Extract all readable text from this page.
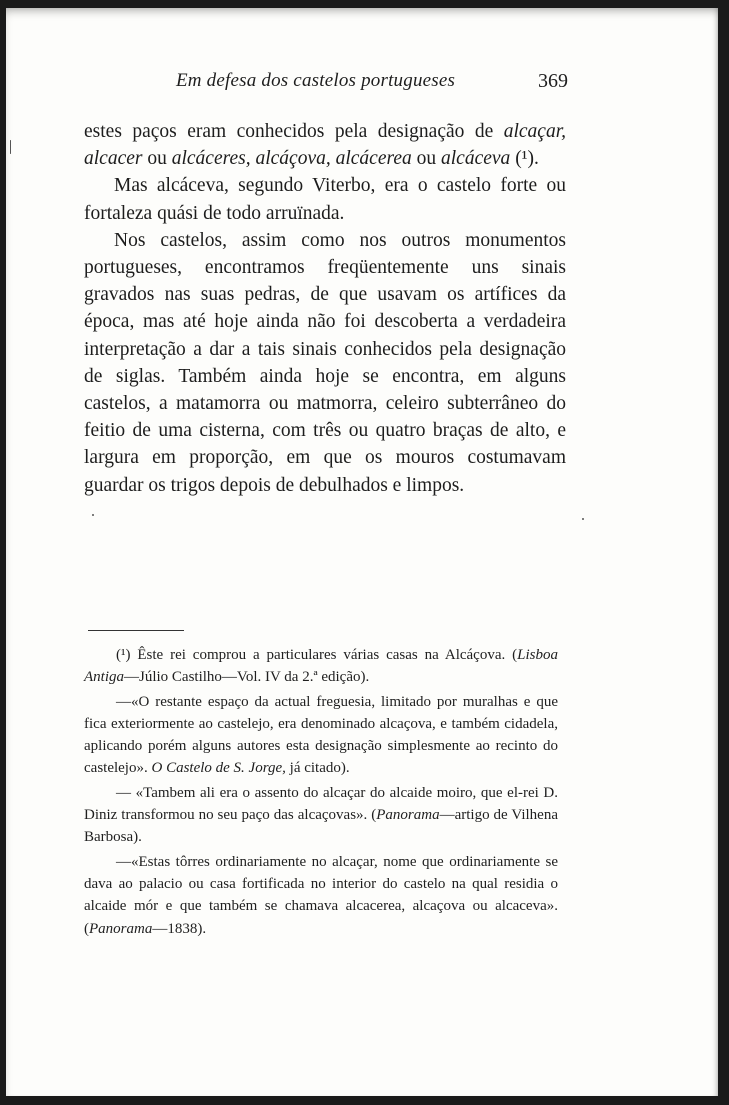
Em defesa dos castelos portugueses	369

estes paços eram conhecidos pela designação de alcaçar, alcacer ou alcáceres, alcáçova, alcácerea ou alcáceva (¹).

Mas alcáceva, segundo Viterbo, era o castelo forte ou fortaleza quási de todo arruïnada.

Nos castelos, assim como nos outros monumentos portugueses, encontramos freqüentemente uns sinais gravados nas suas pedras, de que usavam os artífices da época, mas até hoje ainda não foi descoberta a verdadeira interpretação a dar a tais sinais conhecidos pela designação de siglas. Também ainda hoje se encontra, em alguns castelos, a matamorra ou matmorra, celeiro subterrâneo do feitio de uma cisterna, com três ou quatro braças de alto, e largura em proporção, em que os mouros costumavam guardar os trigos depois de debulhados e limpos.

(¹) Êste rei comprou a particulares várias casas na Alcáçova. (Lisboa Antiga—Júlio Castilho—Vol. IV da 2.ª edição).

—«O restante espaço da actual freguesia, limitado por muralhas e que fica exteriormente ao castelejo, era denominado alcaçova, e também cidadela, aplicando porém alguns autores esta designação simplesmente ao recinto do castelejo». O Castelo de S. Jorge, já citado).

— «Tambem ali era o assento do alcaçar do alcaide moiro, que el-rei D. Diniz transformou no seu paço das alcaçovas». (Panorama—artigo de Vilhena Barbosa).

—«Estas tôrres ordinariamente no alcaçar, nome que ordinariamente se dava ao palacio ou casa fortificada no interior do castelo na qual residia o alcaide mór e que também se chamava alcacerea, alcaçova ou alcaceva». (Panorama—1838).
